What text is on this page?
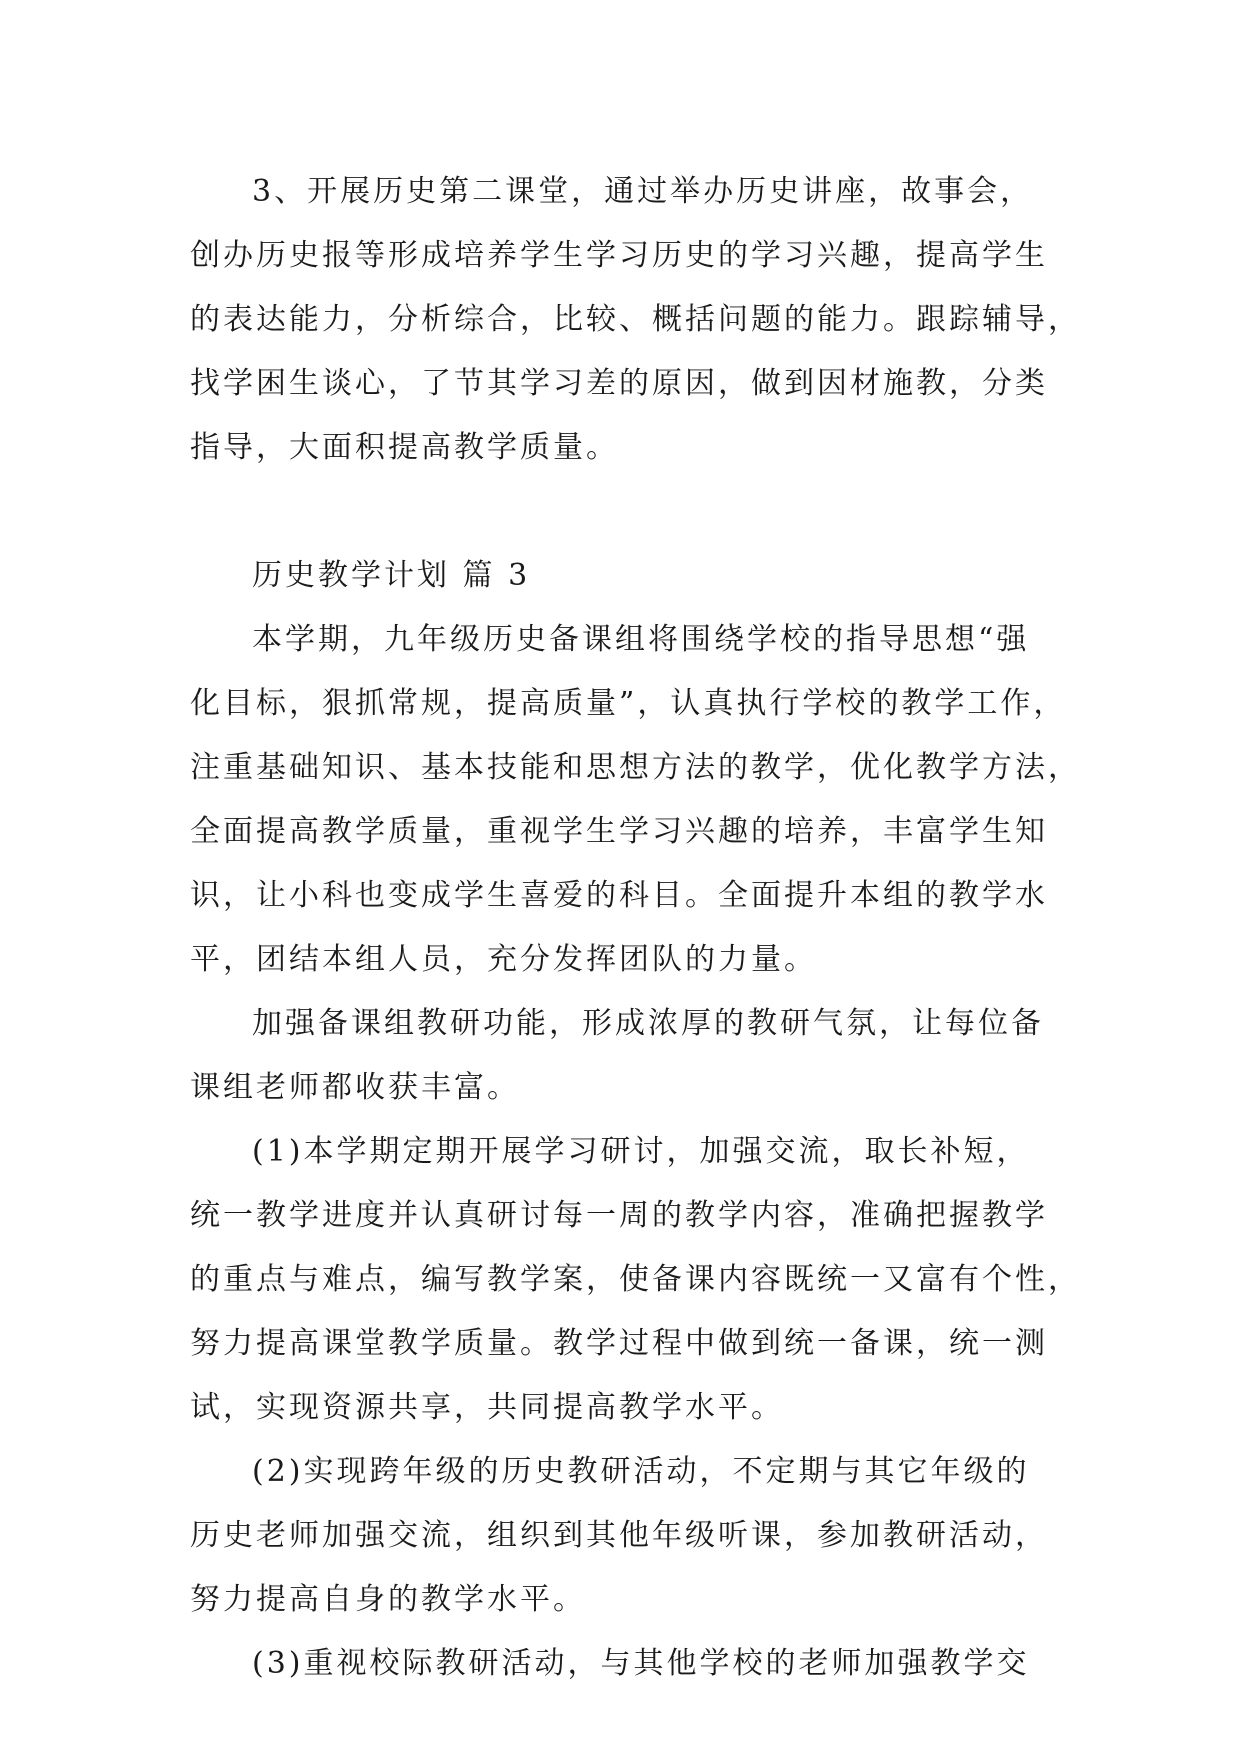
3、开展历史第二课堂，通过举办历史讲座，故事会，
创办历史报等形成培养学生学习历史的学习兴趣，提高学生
的表达能力，分析综合，比较、概括问题的能力。跟踪辅导，
找学困生谈心，了节其学习差的原因，做到因材施教，分类
指导，大面积提高教学质量。
历史教学计划 篇 3
本学期，九年级历史备课组将围绕学校的指导思想“强
化目标，狠抓常规，提高质量”，认真执行学校的教学工作，
注重基础知识、基本技能和思想方法的教学，优化教学方法，
全面提高教学质量，重视学生学习兴趣的培养，丰富学生知
识，让小科也变成学生喜爱的科目。全面提升本组的教学水
平，团结本组人员，充分发挥团队的力量。
加强备课组教研功能，形成浓厚的教研气氛，让每位备
课组老师都收获丰富。
(1)本学期定期开展学习研讨，加强交流，取长补短，
统一教学进度并认真研讨每一周的教学内容，准确把握教学
的重点与难点，编写教学案，使备课内容既统一又富有个性，
努力提高课堂教学质量。教学过程中做到统一备课，统一测
试，实现资源共享，共同提高教学水平。
(2)实现跨年级的历史教研活动，不定期与其它年级的
历史老师加强交流，组织到其他年级听课，参加教研活动，
努力提高自身的教学水平。
(3)重视校际教研活动，与其他学校的老师加强教学交
